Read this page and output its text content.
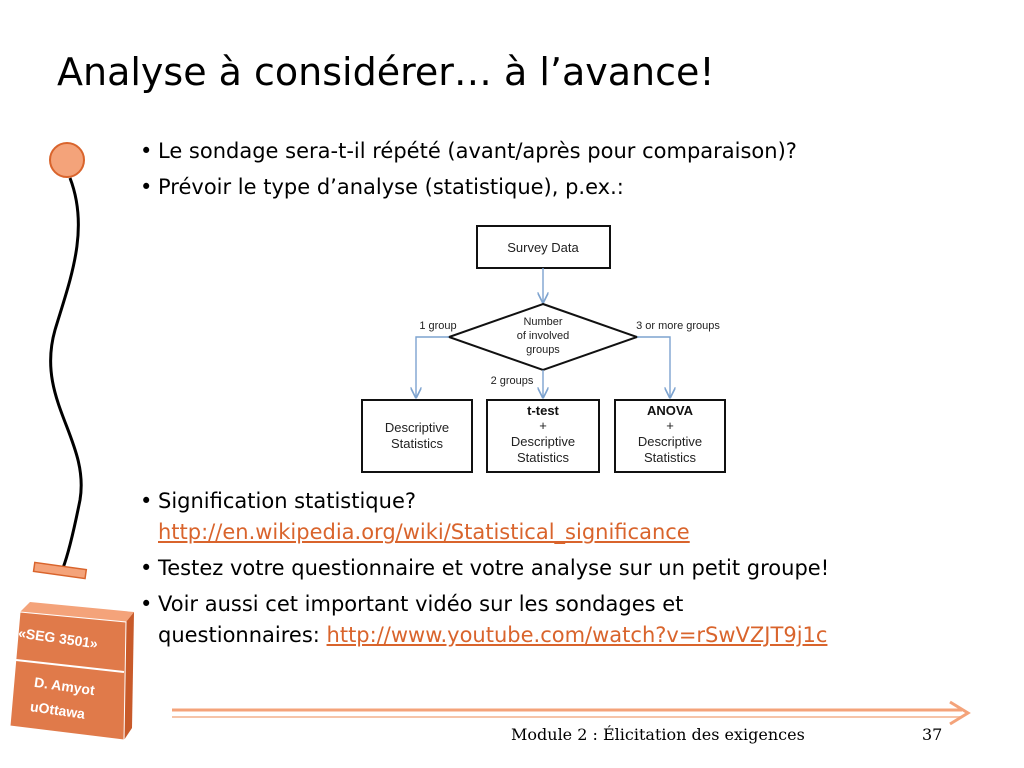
Analyse à considérer… à l’avance!
• Le sondage sera-t-il répété (avant/après pour comparaison)?
• Prévoir le type d’analyse (statistique), p.ex.:
Survey Data
Number
of involved
groups
1 group	3 or more groups
2 groups
Descriptive
Statistics
t-test
+
Descriptive
Statistics
ANOVA
+
Descriptive
Statistics
• Signification statistique?
http://en.wikipedia.org/wiki/Statistical_significance
• Testez votre questionnaire et votre analyse sur un petit groupe!
• Voir aussi cet important vidéo sur les sondages et
questionnaires: http://www.youtube.com/watch?v=rSwVZJT9j1c
«SEG 3501»
D. Amyot
uOttawa
Module 2 : Élicitation des exigences	37
